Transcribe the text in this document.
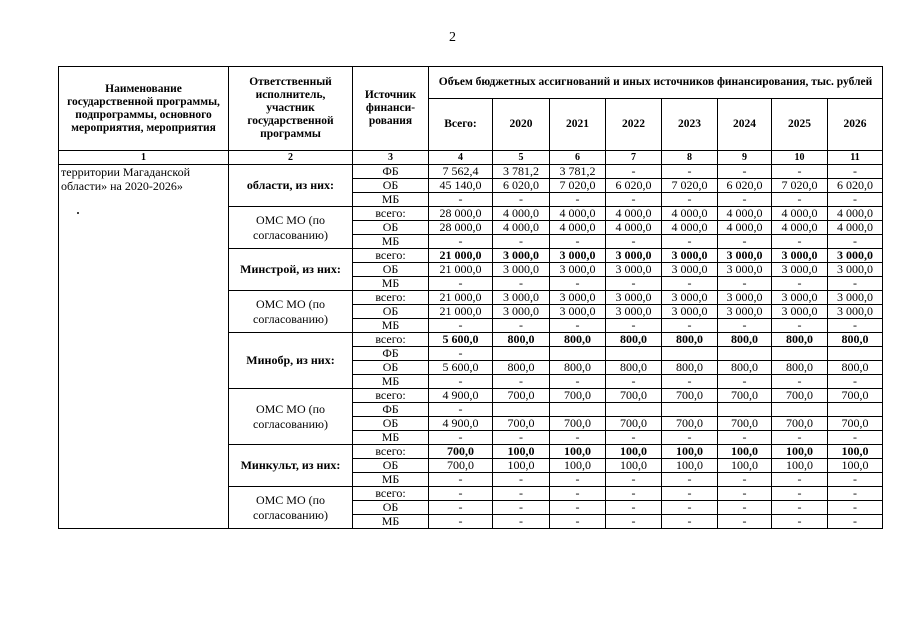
2
Наименование государственной программы, подпрограммы, основного мероприятия, мероприятия	Ответственный исполнитель, участник государственной программы	Источник финанси-рования	Объем бюджетных ассигнований и иных источников финансирования, тыс. рублей							
			Всего:	2020	2021	2022	2023	2024	2025	2026
1	2	3	4	5	6	7	8	9	10	11
территории Магаданской области» на 2020-2026»	области, из них:	ФБ	7 562,4	3 781,2	3 781,2	-	-	-	-	-
		ОБ	45 140,0	6 020,0	7 020,0	6 020,0	7 020,0	6 020,0	7 020,0	6 020,0
		МБ	-	-	-	-	-	-	-	-
	ОМС МО (по согласованию)	всего:	28 000,0	4 000,0	4 000,0	4 000,0	4 000,0	4 000,0	4 000,0	4 000,0
		ОБ	28 000,0	4 000,0	4 000,0	4 000,0	4 000,0	4 000,0	4 000,0	4 000,0
		МБ	-	-	-	-	-	-	-	-
	Минстрой, из них:	всего:	21 000,0	3 000,0	3 000,0	3 000,0	3 000,0	3 000,0	3 000,0	3 000,0
		ОБ	21 000,0	3 000,0	3 000,0	3 000,0	3 000,0	3 000,0	3 000,0	3 000,0
		МБ	-	-	-	-	-	-	-	-
	ОМС МО (по согласованию)	всего:	21 000,0	3 000,0	3 000,0	3 000,0	3 000,0	3 000,0	3 000,0	3 000,0
		ОБ	21 000,0	3 000,0	3 000,0	3 000,0	3 000,0	3 000,0	3 000,0	3 000,0
		МБ	-	-	-	-	-	-	-	-
	Минобр, из них:	всего:	5 600,0	800,0	800,0	800,0	800,0	800,0	800,0	800,0
		ФБ	-							
		ОБ	5 600,0	800,0	800,0	800,0	800,0	800,0	800,0	800,0
		МБ	-	-	-	-	-	-	-	-
	ОМС МО (по согласованию)	всего:	4 900,0	700,0	700,0	700,0	700,0	700,0	700,0	700,0
		ФБ	-							
		ОБ	4 900,0	700,0	700,0	700,0	700,0	700,0	700,0	700,0
		МБ	-	-	-	-	-	-	-	-
	Минкульт, из них:	всего:	700,0	100,0	100,0	100,0	100,0	100,0	100,0	100,0
		ОБ	700,0	100,0	100,0	100,0	100,0	100,0	100,0	100,0
		МБ	-	-	-	-	-	-	-	-
	ОМС МО (по согласованию)	всего:	-	-	-	-	-	-	-	-
		ОБ	-	-	-	-	-	-	-	-
		МБ	-	-	-	-	-	-	-	-
